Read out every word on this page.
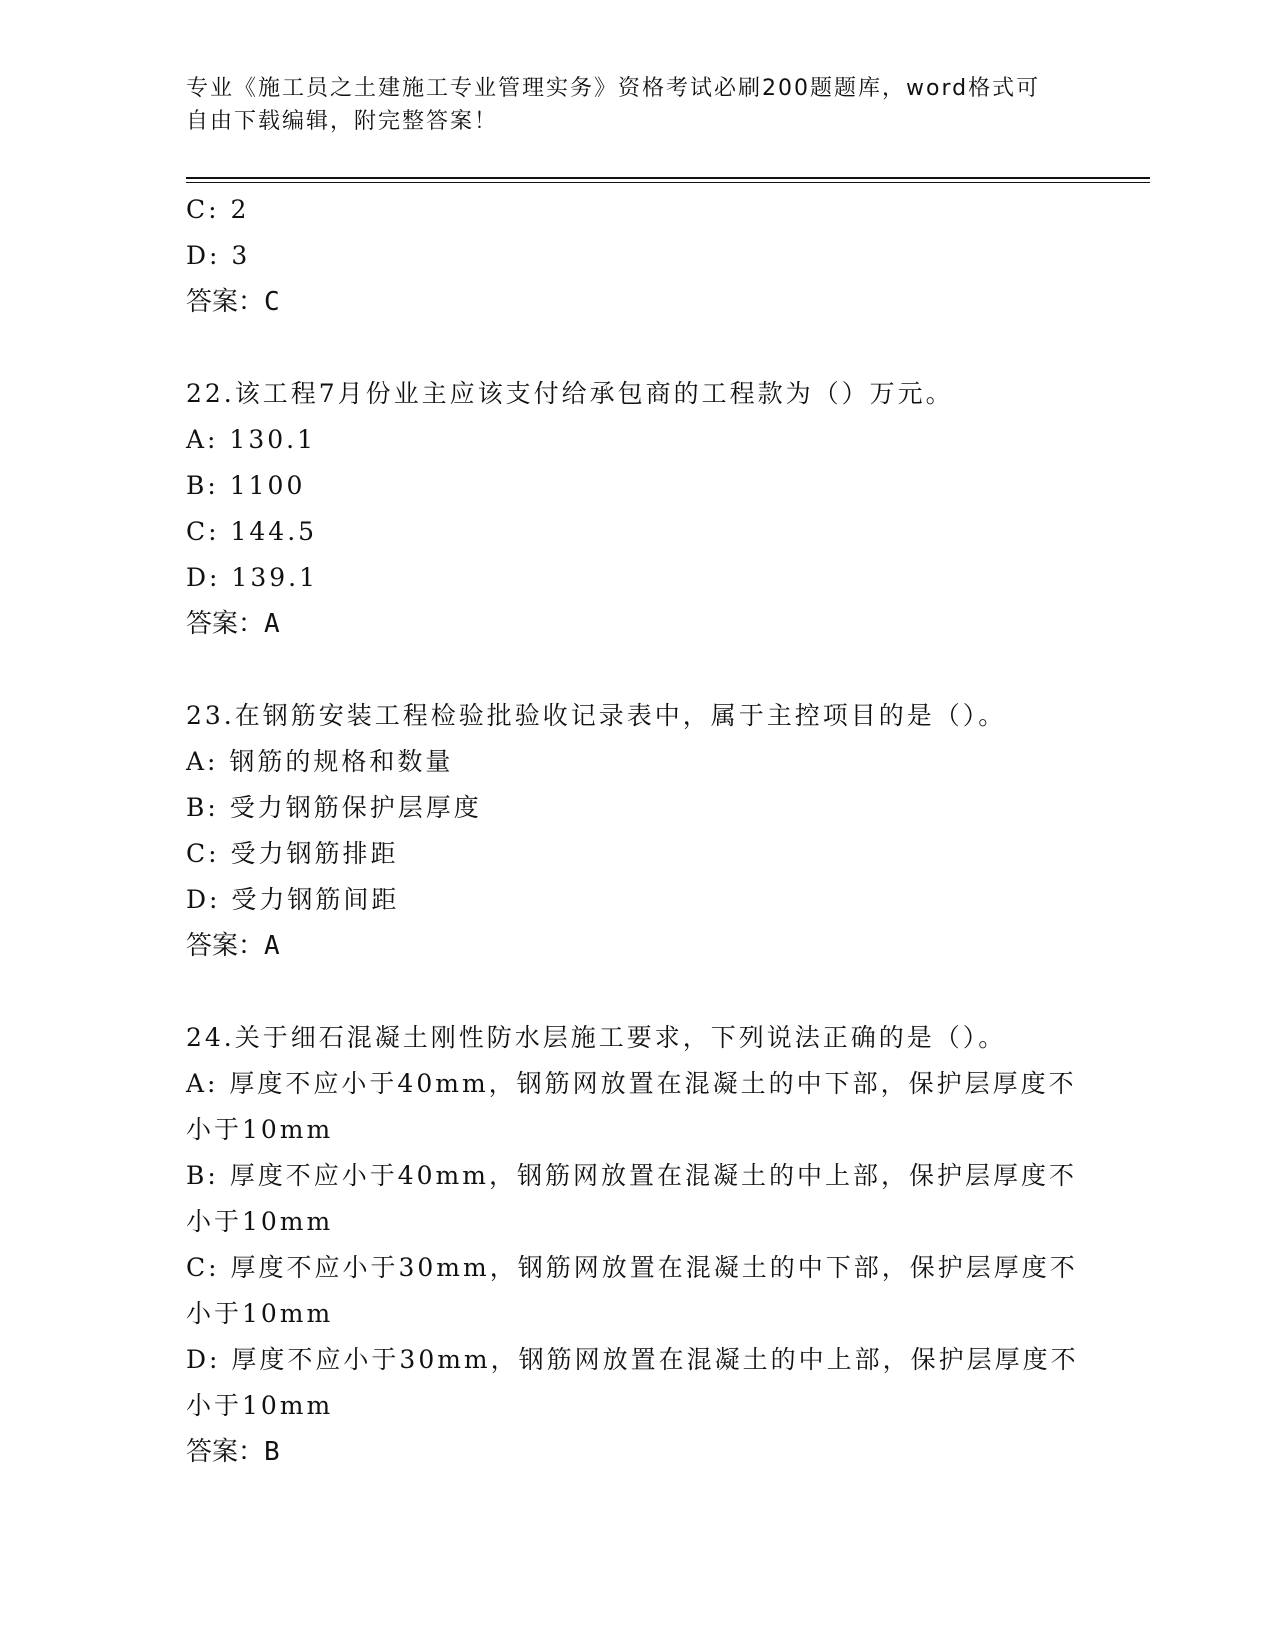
专业《施工员之土建施工专业管理实务》资格考试必刷200题题库，word格式可
自由下载编辑，附完整答案！
C: 2
D: 3
答案：C
22.该工程7月份业主应该支付给承包商的工程款为（）万元。
A: 130.1
B: 1100
C: 144.5
D: 139.1
答案：A
23.在钢筋安装工程检验批验收记录表中，属于主控项目的是（）。
A: 钢筋的规格和数量
B: 受力钢筋保护层厚度
C: 受力钢筋排距
D: 受力钢筋间距
答案：A
24.关于细石混凝土刚性防水层施工要求，下列说法正确的是（）。
A: 厚度不应小于40mm，钢筋网放置在混凝土的中下部，保护层厚度不小于10mm
B: 厚度不应小于40mm，钢筋网放置在混凝土的中上部，保护层厚度不小于10mm
C: 厚度不应小于30mm，钢筋网放置在混凝土的中下部，保护层厚度不小于10mm
D: 厚度不应小于30mm，钢筋网放置在混凝土的中上部，保护层厚度不小于10mm
答案：B
